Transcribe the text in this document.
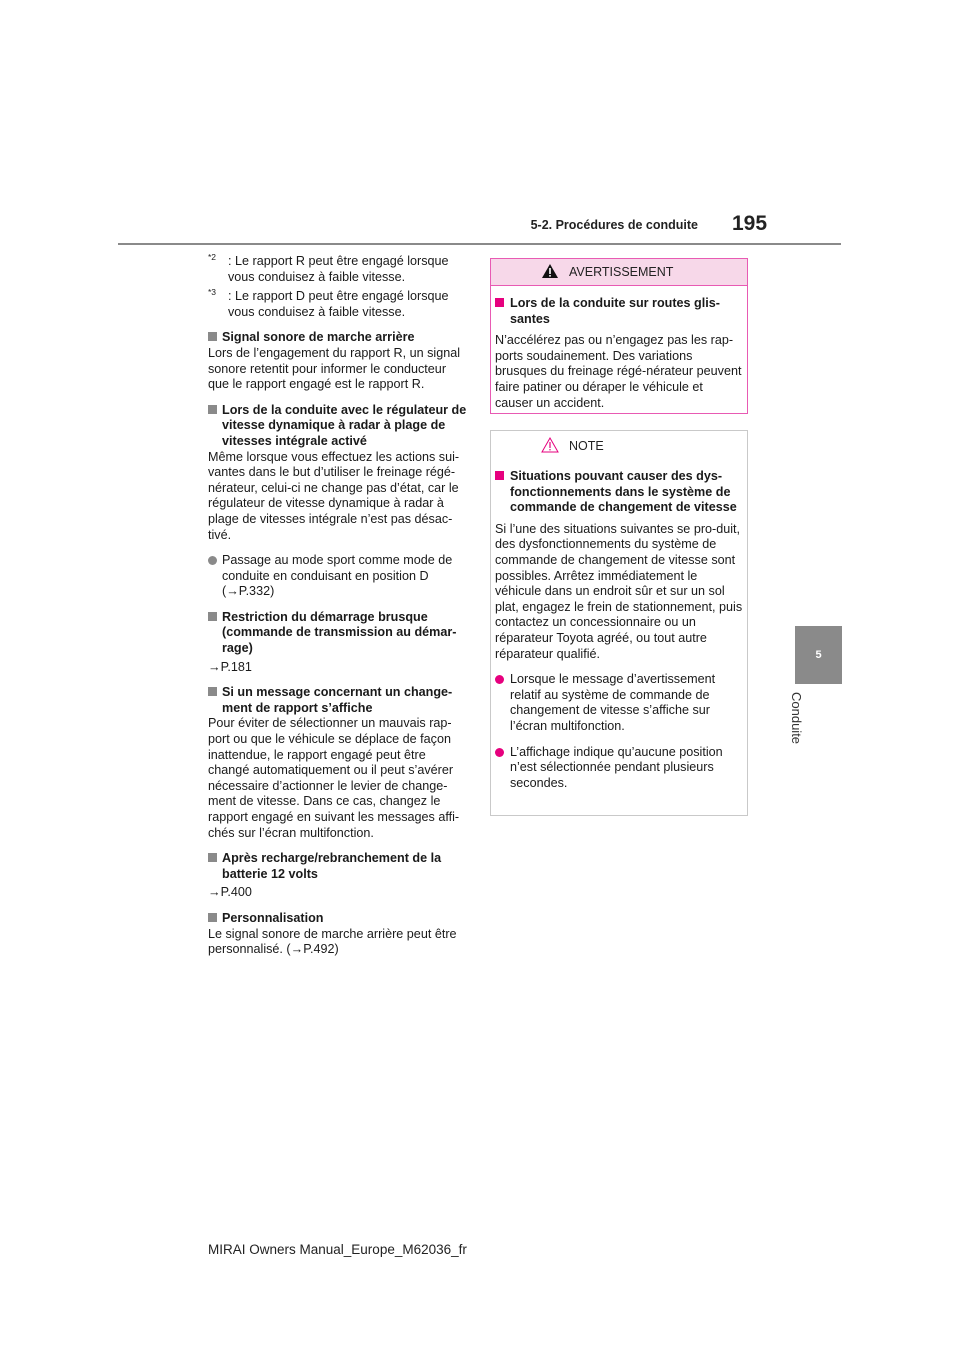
5-2. Procédures de conduite 195
5
Conduite

*2 : Le rapport R peut être engagé lorsque vous conduisez à faible vitesse.

*3 : Le rapport D peut être engagé lorsque vous conduisez à faible vitesse.

Signal sonore de marche arrière

Lors de l’engagement du rapport R, un signal sonore retentit pour informer le conducteur que le rapport engagé est le rapport R.

Lors de la conduite avec le régulateur de vitesse dynamique à radar à plage de vitesses intégrale activé

Même lorsque vous effectuez les actions sui-vantes dans le but d’utiliser le freinage régé-nérateur, celui-ci ne change pas d’état, car le régulateur de vitesse dynamique à radar à plage de vitesses intégrale n’est pas désac-tivé.

Passage au mode sport comme mode de conduite en conduisant en position D (→P.332)
Restriction du démarrage brusque (commande de transmission au démar-rage)

→P.181

Si un message concernant un change-ment de rapport s’affiche

Pour éviter de sélectionner un mauvais rap-port ou que le véhicule se déplace de façon inattendue, le rapport engagé peut être changé automatiquement ou il peut s’avérer nécessaire d’actionner le levier de change-ment de vitesse. Dans ce cas, changez le rapport engagé en suivant les messages affi-chés sur l’écran multifonction.

Après recharge/rebranchement de la batterie 12 volts

→P.400

Personnalisation

Le signal sonore de marche arrière peut être personnalisé. (→P.492)

AVERTISSEMENT
Lors de la conduite sur routes glis-santes

N’accélérez pas ou n’engagez pas les rap-ports soudainement. Des variations brusques du freinage régé-nérateur peuvent faire patiner ou déraper le véhicule et causer un accident.

NOTE
Situations pouvant causer des dys-fonctionnements dans le système de commande de changement de vitesse

Si l’une des situations suivantes se pro-duit, des dysfonctionnements du système de commande de changement de vitesse sont possibles. Arrêtez immédiatement le véhicule dans un endroit sûr et sur un sol plat, engagez le frein de stationnement, puis contactez un concessionnaire ou un réparateur Toyota agréé, ou tout autre réparateur qualifié.

Lorsque le message d’avertissement relatif au système de commande de changement de vitesse s’affiche sur l’écran multifonction.
L’affichage indique qu’aucune position n’est sélectionnée pendant plusieurs secondes.
MIRAI Owners Manual_Europe_M62036_fr
